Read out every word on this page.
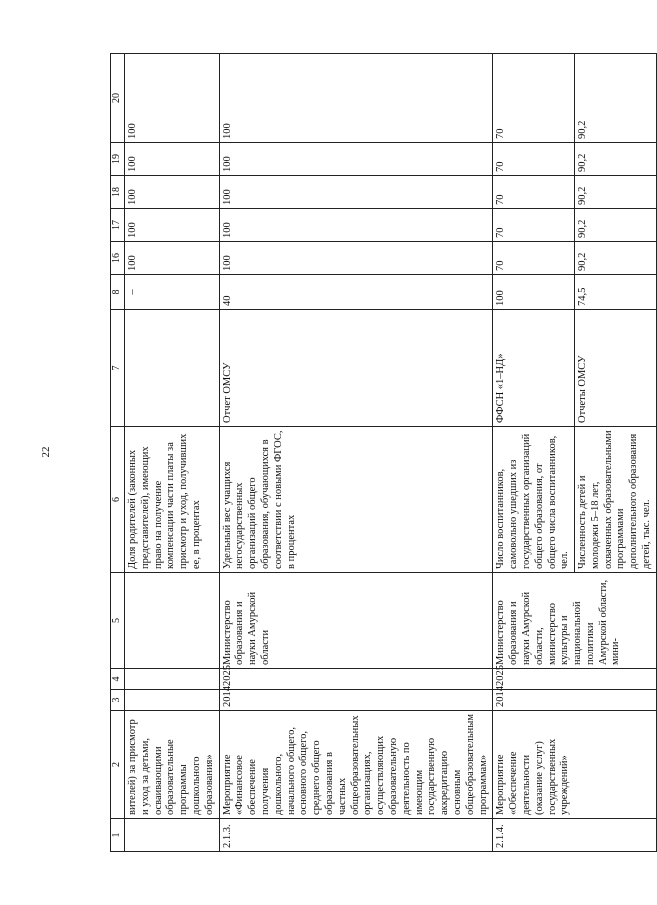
22
1	2	3	4	5	6	7	8	16	17	18	19	20
	вителей) за присмотр и уход за детьми, осваивающими образовательные программы дошкольного образования»				Доля родителей (законных представителей), имеющих право на получение компенсации части платы за присмотр и уход, получивших ее, в процентах		–	100	100	100	100	100
2.1.3.	Мероприятие «Финансовое обеспечение получения дошкольного, начального общего, основного общего, среднего общего образования в частных общеобразовательных организациях, осуществляющих образовательную деятельность по имеющим государственную аккредитацию основным общеобразовательным программам»	2014	2025	Министерство образования и науки Амурской области	Удельный вес учащихся негосударственных организаций общего образования, обучающихся в соответствии с новыми ФГОС, в процентах	Отчет ОМСУ	40	100	100	100	100	100
2.1.4.	Мероприятие «Обеспечение деятельности (оказание услуг) государственных учреждений»	2014	2025	Министерство образования и науки Амурской области, министерство культуры и национальной политики Амурской области, мини-	Число воспитанников, самовольно ушедших из государственных организаций общего образования, от общего числа воспитанников, чел.	ФФСН «1–НД»	100	70	70	70	70	70
					Численность детей и молодежи 5–18 лет, охваченных образовательными программами дополнительного образования детей, тыс. чел.	Отчеты ОМСУ	74,5	90,2	90,2	90,2	90,2	90,2
